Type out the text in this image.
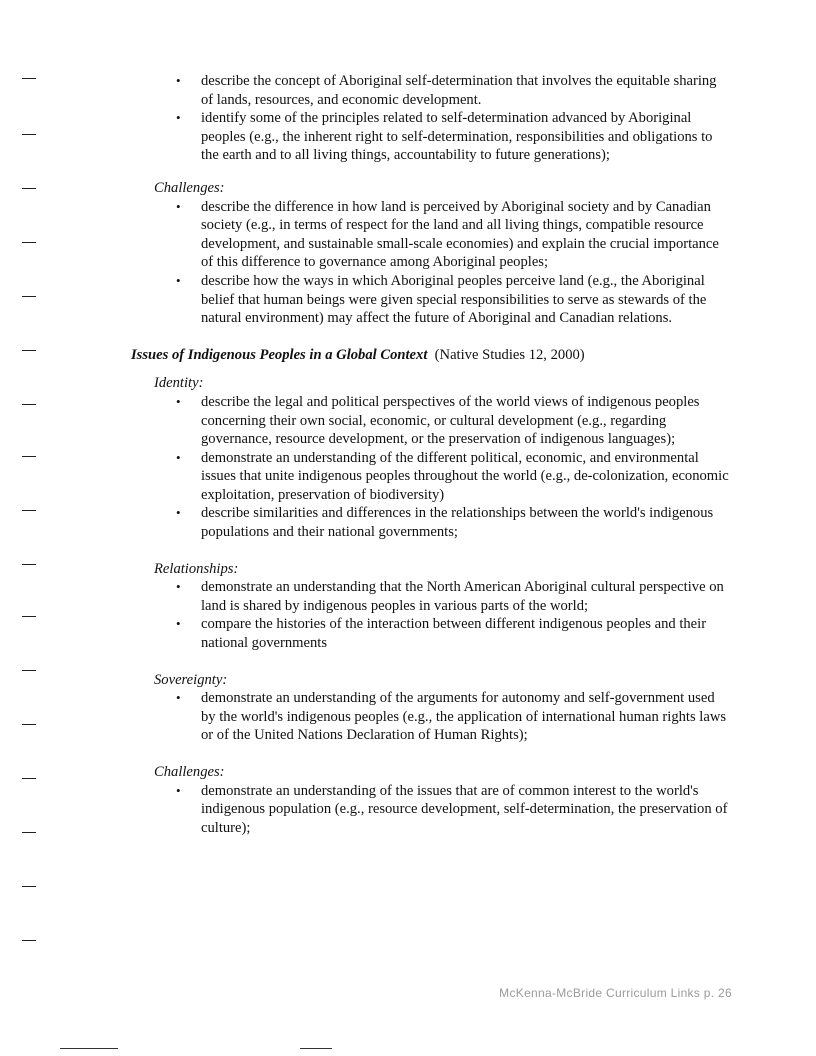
• describe the concept of Aboriginal self-determination that involves the equitable sharing of lands, resources, and economic development.
• identify some of the principles related to self-determination advanced by Aboriginal peoples (e.g., the inherent right to self-determination, responsibilities and obligations to the earth and to all living things, accountability to future generations);
Challenges:
• describe the difference in how land is perceived by Aboriginal society and by Canadian society (e.g., in terms of respect for the land and all living things, compatible resource development, and sustainable small-scale economies) and explain the crucial importance of this difference to governance among Aboriginal peoples;
• describe how the ways in which Aboriginal peoples perceive land (e.g., the Aboriginal belief that human beings were given special responsibilities to serve as stewards of the natural environment) may affect the future of Aboriginal and Canadian relations.
Issues of Indigenous Peoples in a Global Context (Native Studies 12, 2000)
Identity:
• describe the legal and political perspectives of the world views of indigenous peoples concerning their own social, economic, or cultural development (e.g., regarding governance, resource development, or the preservation of indigenous languages);
• demonstrate an understanding of the different political, economic, and environmental issues that unite indigenous peoples throughout the world (e.g., de-colonization, economic exploitation, preservation of biodiversity)
• describe similarities and differences in the relationships between the world's indigenous populations and their national governments;
Relationships:
• demonstrate an understanding that the North American Aboriginal cultural perspective on land is shared by indigenous peoples in various parts of the world;
• compare the histories of the interaction between different indigenous peoples and their national governments
Sovereignty:
• demonstrate an understanding of the arguments for autonomy and self-government used by the world's indigenous peoples (e.g., the application of international human rights laws or of the United Nations Declaration of Human Rights);
Challenges:
• demonstrate an understanding of the issues that are of common interest to the world's indigenous population (e.g., resource development, self-determination, the preservation of culture);
McKenna-McBride Curriculum Links p. 26
